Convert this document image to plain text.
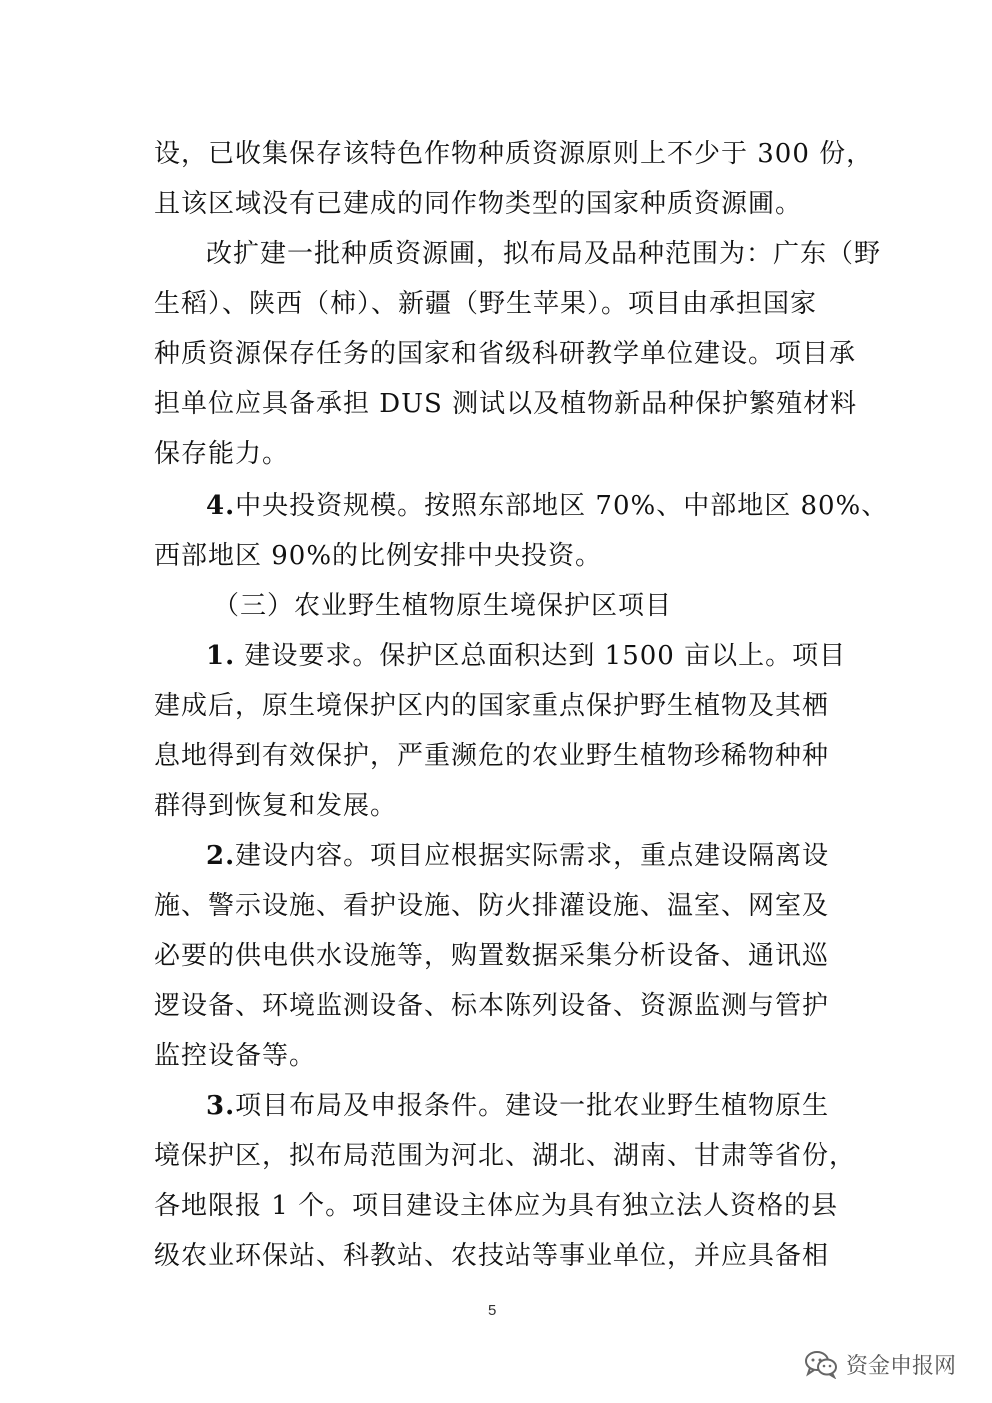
设，已收集保存该特色作物种质资源原则上不少于 300 份，
且该区域没有已建成的同作物类型的国家种质资源圃。
改扩建一批种质资源圃，拟布局及品种范围为：广东（野
生稻）、陕西（柿）、新疆（野生苹果）。项目由承担国家
种质资源保存任务的国家和省级科研教学单位建设。项目承
担单位应具备承担 DUS 测试以及植物新品种保护繁殖材料
保存能力。
4.中央投资规模。按照东部地区 70%、中部地区 80%、
西部地区 90%的比例安排中央投资。
（三）农业野生植物原生境保护区项目
1. 建设要求。保护区总面积达到 1500 亩以上。项目
建成后，原生境保护区内的国家重点保护野生植物及其栖
息地得到有效保护，严重濒危的农业野生植物珍稀物种种
群得到恢复和发展。
2.建设内容。项目应根据实际需求，重点建设隔离设
施、警示设施、看护设施、防火排灌设施、温室、网室及
必要的供电供水设施等，购置数据采集分析设备、通讯巡
逻设备、环境监测设备、标本陈列设备、资源监测与管护
监控设备等。
3.项目布局及申报条件。建设一批农业野生植物原生
境保护区，拟布局范围为河北、湖北、湖南、甘肃等省份，
各地限报 1 个。项目建设主体应为具有独立法人资格的县
级农业环保站、科教站、农技站等事业单位，并应具备相
5
资金申报网
